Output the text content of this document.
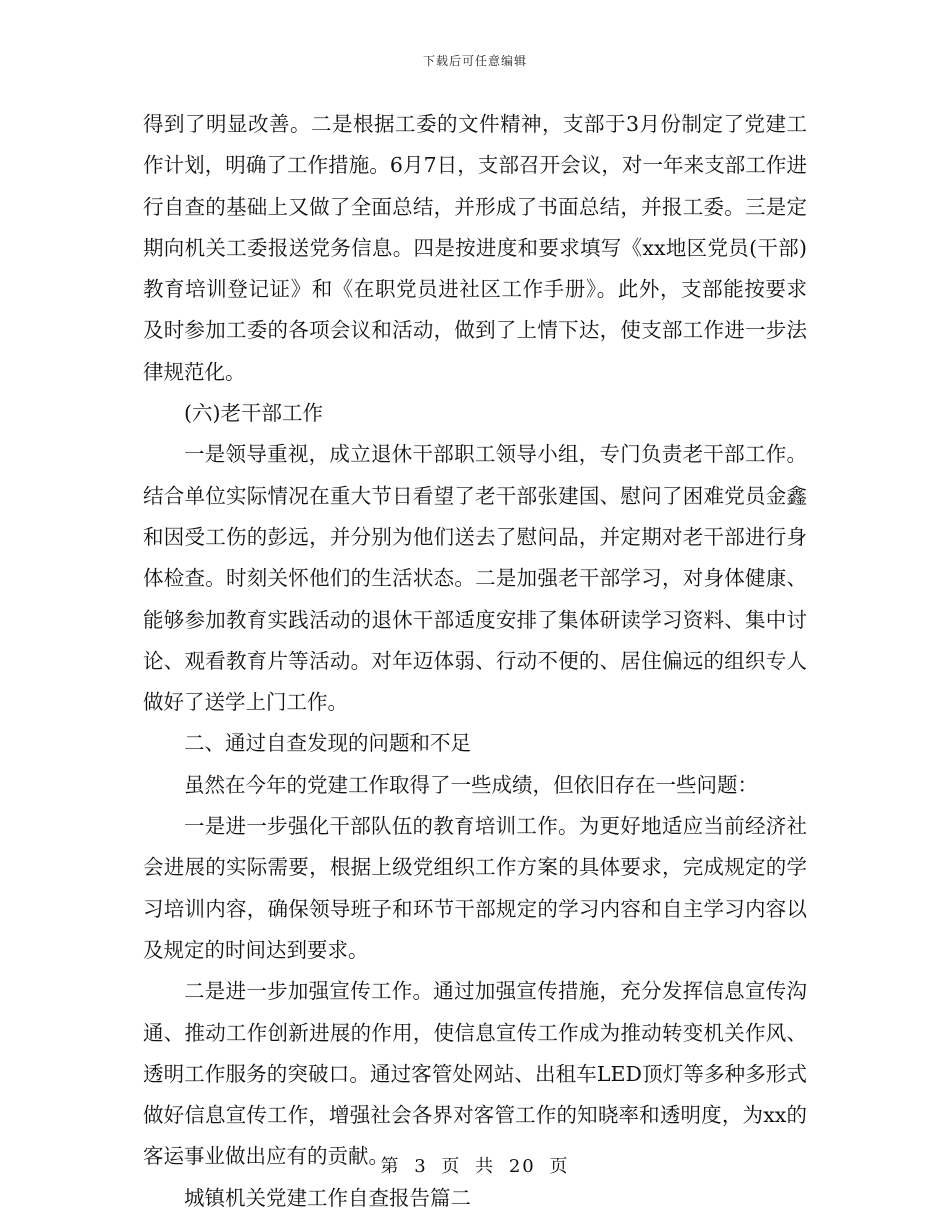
下载后可任意编辑

得到了明显改善。二是根据工委的文件精神，支部于3月份制定了党建工作计划，明确了工作措施。6月7日，支部召开会议，对一年来支部工作进行自查的基础上又做了全面总结，并形成了书面总结，并报工委。三是定期向机关工委报送党务信息。四是按进度和要求填写《xx地区党员(干部)教育培训登记证》和《在职党员进社区工作手册》。此外，支部能按要求及时参加工委的各项会议和活动，做到了上情下达，使支部工作进一步法律规范化。

(六)老干部工作

一是领导重视，成立退休干部职工领导小组，专门负责老干部工作。结合单位实际情况在重大节日看望了老干部张建国、慰问了困难党员金鑫和因受工伤的彭远，并分别为他们送去了慰问品，并定期对老干部进行身体检查。时刻关怀他们的生活状态。二是加强老干部学习，对身体健康、能够参加教育实践活动的退休干部适度安排了集体研读学习资料、集中讨论、观看教育片等活动。对年迈体弱、行动不便的、居住偏远的组织专人做好了送学上门工作。

二、通过自查发现的问题和不足

虽然在今年的党建工作取得了一些成绩，但依旧存在一些问题：

一是进一步强化干部队伍的教育培训工作。为更好地适应当前经济社会进展的实际需要，根据上级党组织工作方案的具体要求，完成规定的学习培训内容，确保领导班子和环节干部规定的学习内容和自主学习内容以及规定的时间达到要求。

二是进一步加强宣传工作。通过加强宣传措施，充分发挥信息宣传沟通、推动工作创新进展的作用，使信息宣传工作成为推动转变机关作风、透明工作服务的突破口。通过客管处网站、出租车LED顶灯等多种多形式做好信息宣传工作，增强社会各界对客管工作的知晓率和透明度，为xx的客运事业做出应有的贡献。

城镇机关党建工作自查报告篇二

第 3 页 共 20 页
